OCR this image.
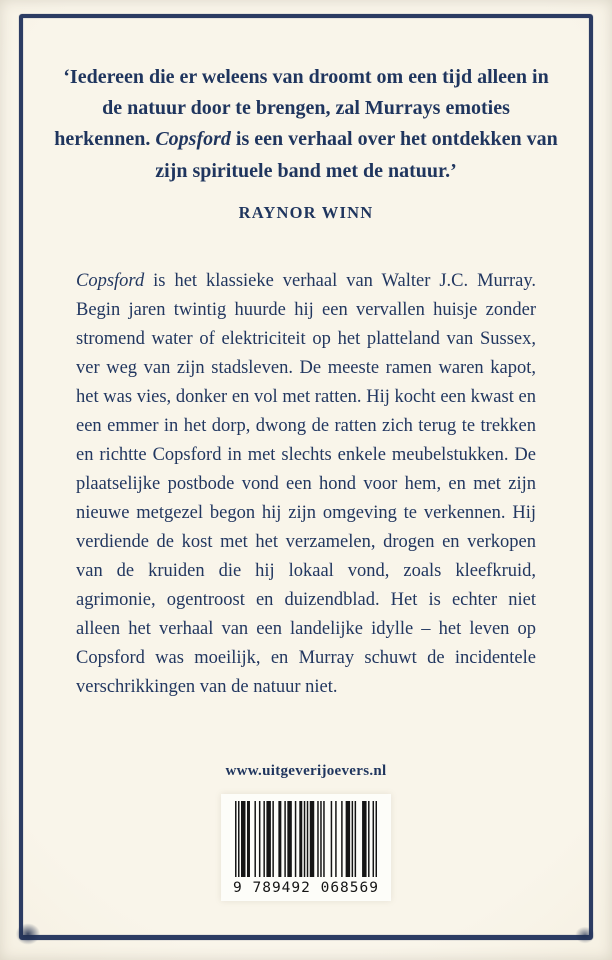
‘Iedereen die er weleens van droomt om een tijd alleen in de natuur door te brengen, zal Murrays emoties herkennen. Copsford is een verhaal over het ontdekken van zijn spirituele band met de natuur.’
RAYNOR WINN

Copsford is het klassieke verhaal van Walter J.C. Murray. Begin jaren twintig huurde hij een vervallen huisje zonder stromend water of elektriciteit op het platteland van Sussex, ver weg van zijn stadsleven. De meeste ramen waren kapot, het was vies, donker en vol met ratten. Hij kocht een kwast en een emmer in het dorp, dwong de ratten zich terug te trekken en richtte Copsford in met slechts enkele meubelstukken. De plaatselijke postbode vond een hond voor hem, en met zijn nieuwe metgezel begon hij zijn omgeving te verkennen. Hij verdiende de kost met het verzamelen, drogen en verkopen van de kruiden die hij lokaal vond, zoals kleefkruid, agrimonie, ogentroost en duizendblad. Het is echter niet alleen het verhaal van een landelijke idylle – het leven op Copsford was moeilijk, en Murray schuwt de incidentele verschrikkingen van de natuur niet.

www.uitgeverijoevers.nl
9 789492 068569
